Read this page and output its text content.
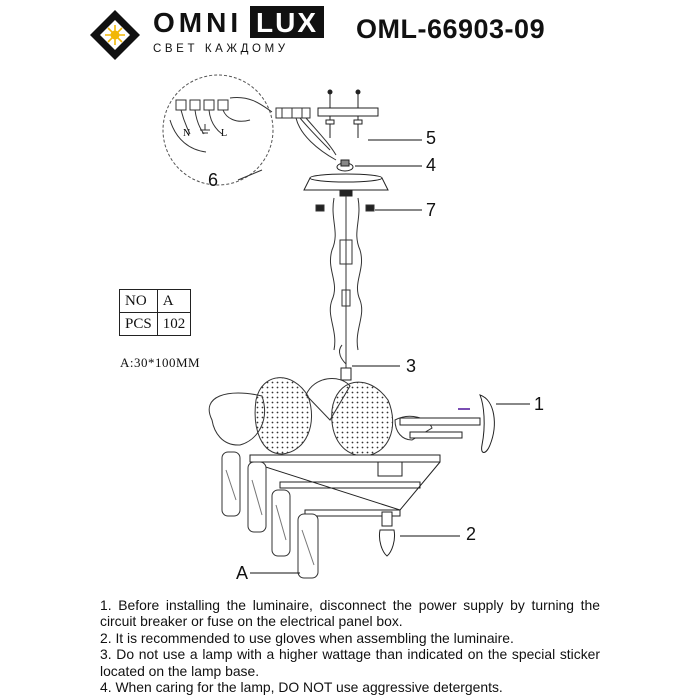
OMNI LUX
СВЕТ КАЖДОМУ
OML-66903-09
N	L
1
2
3
4
5
6
7
A
NO	A
PCS	102
A:30*100MM

1. Before installing the luminaire, disconnect the power supply by turning the circuit breaker or fuse on the electrical panel box.

2. It is recommended to use gloves when assembling the luminaire.

3. Do not use a lamp with a higher wattage than indicated on the special sticker located on the lamp base.

4. When caring for the lamp, DO NOT use aggressive detergents.
